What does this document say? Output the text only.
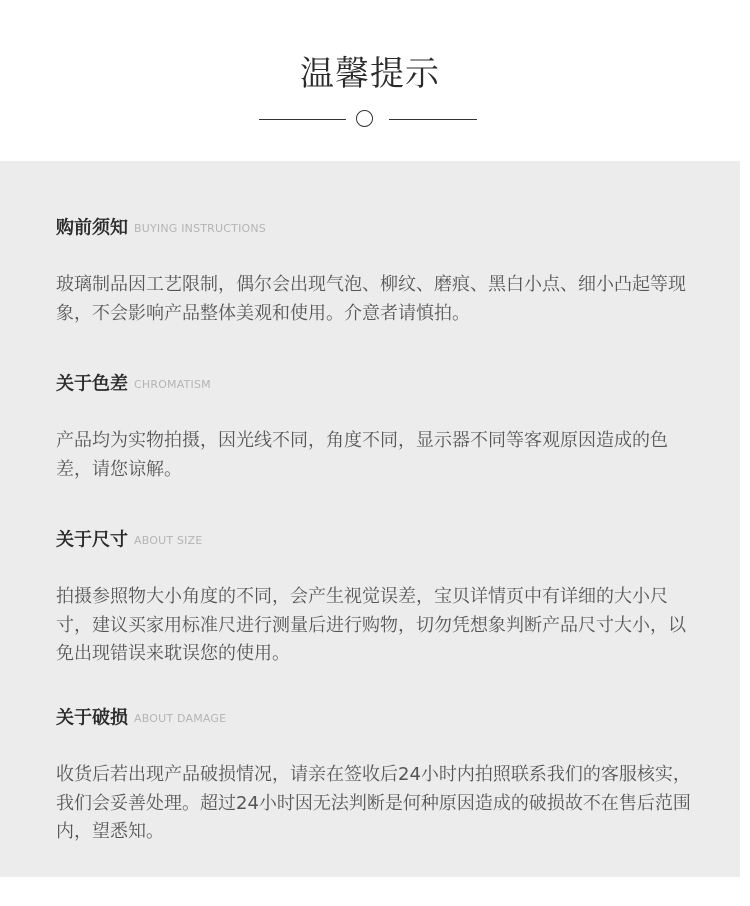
温馨提示
购前须知 BUYING INSTRUCTIONS
玻璃制品因工艺限制，偶尔会出现气泡、柳纹、磨痕、黑白小点、细小凸起等现象，不会影响产品整体美观和使用。介意者请慎拍。
关于色差 CHROMATISM
产品均为实物拍摄，因光线不同，角度不同，显示器不同等客观原因造成的色差，请您谅解。
关于尺寸 ABOUT SIZE
拍摄参照物大小角度的不同，会产生视觉误差，宝贝详情页中有详细的大小尺寸，建议买家用标准尺进行测量后进行购物，切勿凭想象判断产品尺寸大小，以免出现错误来耽误您的使用。
关于破损 ABOUT DAMAGE
收货后若出现产品破损情况，请亲在签收后24小时内拍照联系我们的客服核实，我们会妥善处理。超过24小时因无法判断是何种原因造成的破损故不在售后范围内，望悉知。
